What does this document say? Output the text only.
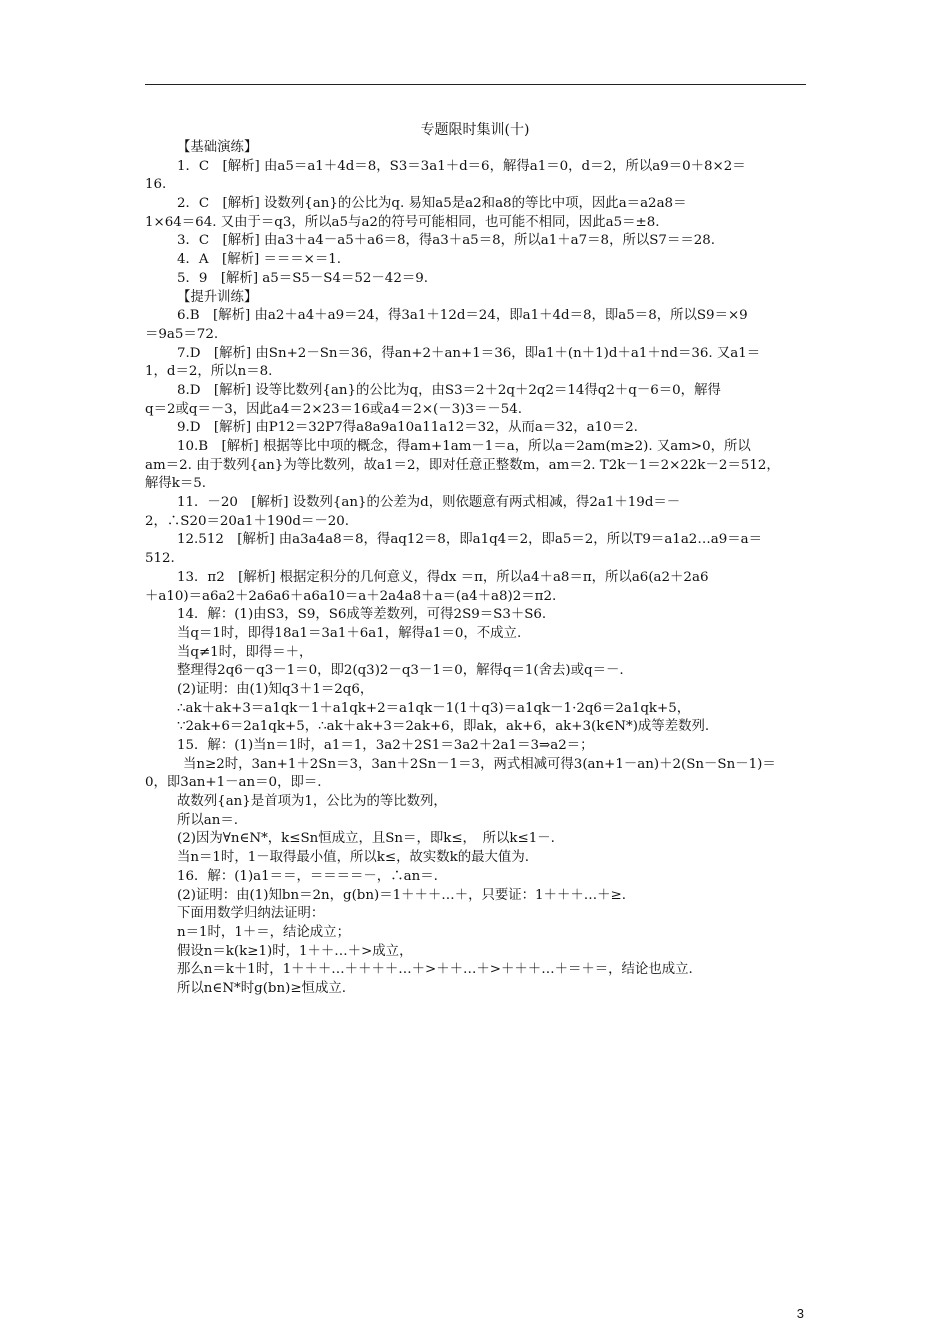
专题限时集训(十)
【基础演练】
1．C　[解析] 由a5＝a1＋4d＝8，S3＝3a1＋d＝6，解得a1＝0，d＝2，所以a9＝0＋8×2＝
16.
2．C　[解析] 设数列{an}的公比为q. 易知a5是a2和a8的等比中项，因此a＝a2a8＝
1×64＝64. 又由于＝q3，所以a5与a2的符号可能相同，也可能不相同，因此a5＝±8.
3．C　[解析] 由a3＋a4－a5＋a6＝8，得a3＋a5＝8，所以a1＋a7＝8，所以S7＝＝28.
4．A　[解析] ＝＝＝×＝1.
5．9　[解析] a5＝S5－S4＝52－42＝9.
【提升训练】
6.B　[解析] 由a2＋a4＋a9＝24，得3a1＋12d＝24，即a1＋4d＝8，即a5＝8，所以S9＝×9
＝9a5＝72.
7.D　[解析] 由Sn+2－Sn＝36，得an+2＋an+1＝36，即a1＋(n＋1)d＋a1＋nd＝36. 又a1＝
1，d＝2，所以n＝8.
8.D　[解析] 设等比数列{an}的公比为q，由S3＝2＋2q＋2q2＝14得q2＋q－6＝0，解得
q＝2或q＝－3，因此a4＝2×23＝16或a4＝2×(－3)3＝－54.
9.D　[解析] 由P12＝32P7得a8a9a10a11a12＝32，从而a＝32，a10＝2.
10.B　[解析] 根据等比中项的概念，得am+1am－1＝a，所以a＝2am(m≥2). 又am>0，所以
am＝2. 由于数列{an}为等比数列，故a1＝2，即对任意正整数m，am＝2. T2k－1＝2×22k－2＝512，
解得k＝5.
11．－20　[解析] 设数列{an}的公差为d，则依题意有两式相减，得2a1＋19d＝－
2，∴S20＝20a1＋190d＝－20.
12.512　[解析] 由a3a4a8＝8，得aq12＝8，即a1q4＝2，即a5＝2，所以T9＝a1a2…a9＝a＝
512.
13．π2　[解析] 根据定积分的几何意义，得dx ＝π，所以a4＋a8＝π，所以a6(a2＋2a6
＋a10)＝a6a2＋2a6a6＋a6a10＝a＋2a4a8＋a＝(a4＋a8)2＝π2.
14．解：(1)由S3，S9，S6成等差数列，可得2S9＝S3＋S6.
当q＝1时，即得18a1＝3a1＋6a1，解得a1＝0，不成立.
当q≠1时，即得＝＋，
整理得2q6－q3－1＝0，即2(q3)2－q3－1＝0，解得q＝1(舍去)或q＝－.
(2)证明：由(1)知q3＋1＝2q6，
∴ak＋ak+3＝a1qk－1＋a1qk+2＝a1qk－1(1＋q3)＝a1qk－1·2q6＝2a1qk+5，
∵2ak+6＝2a1qk+5，∴ak＋ak+3＝2ak+6，即ak，ak+6，ak+3(k∈N*)成等差数列.
15．解：(1)当n＝1时，a1＝1，3a2＋2S1＝3a2＋2a1＝3⇒a2＝；
当n≥2时，3an+1＋2Sn＝3，3an＋2Sn－1＝3，两式相减可得3(an+1－an)＋2(Sn－Sn－1)＝
0，即3an+1－an＝0，即＝.
故数列{an}是首项为1，公比为的等比数列，
所以an＝.
(2)因为∀n∈N*，k≤Sn恒成立，且Sn＝，即k≤，　所以k≤1－.
当n＝1时，1－取得最小值，所以k≤，故实数k的最大值为.
16．解：(1)a1＝＝，＝＝＝＝－，∴an＝.
(2)证明：由(1)知bn＝2n，g(bn)＝1＋＋＋…＋，只要证：1＋＋＋…＋≥.
下面用数学归纳法证明：
n＝1时，1＋＝，结论成立；
假设n＝k(k≥1)时，1＋＋…＋>成立，
那么n＝k＋1时，1＋＋＋…＋＋＋＋…＋>＋＋…＋>＋＋＋…＋＝＋＝，结论也成立.
所以n∈N*时g(bn)≥恒成立.
3
